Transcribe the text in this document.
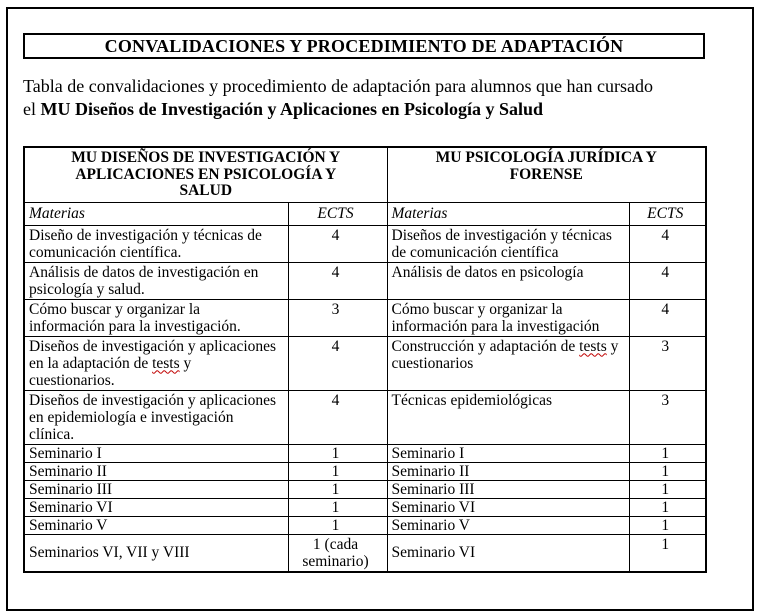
CONVALIDACIONES Y PROCEDIMIENTO DE ADAPTACIÓN

Tabla de convalidaciones y procedimiento de adaptación para alumnos que han cursado
el MU Diseños de Investigación y Aplicaciones en Psicología y Salud

MU DISEÑOS DE INVESTIGACIÓN Y APLICACIONES EN PSICOLOGÍA Y SALUD		MU PSICOLOGÍA JURÍDICA Y FORENSE	

Materias	ECTS	Materias	ECTS
Diseño de investigación y técnicas de comunicación científica.	4	Diseños de investigación y técnicas de comunicación científica	4
Análisis de datos de investigación en psicología y salud.	4	Análisis de datos en psicología	4
Cómo buscar y organizar la información para la investigación.	3	Cómo buscar y organizar la información para la investigación	4
Diseños de investigación y aplicaciones en la adaptación de tests y cuestionarios.	4	Construcción y adaptación de tests y cuestionarios	3
Diseños de investigación y aplicaciones en epidemiología e investigación clínica.	4	Técnicas epidemiológicas	3
Seminario I	1	Seminario I	1
Seminario II	1	Seminario II	1
Seminario III	1	Seminario III	1
Seminario VI	1	Seminario VI	1
Seminario V	1	Seminario V	1
Seminarios VI, VII y VIII	1 (cada seminario)	Seminario VI	1
